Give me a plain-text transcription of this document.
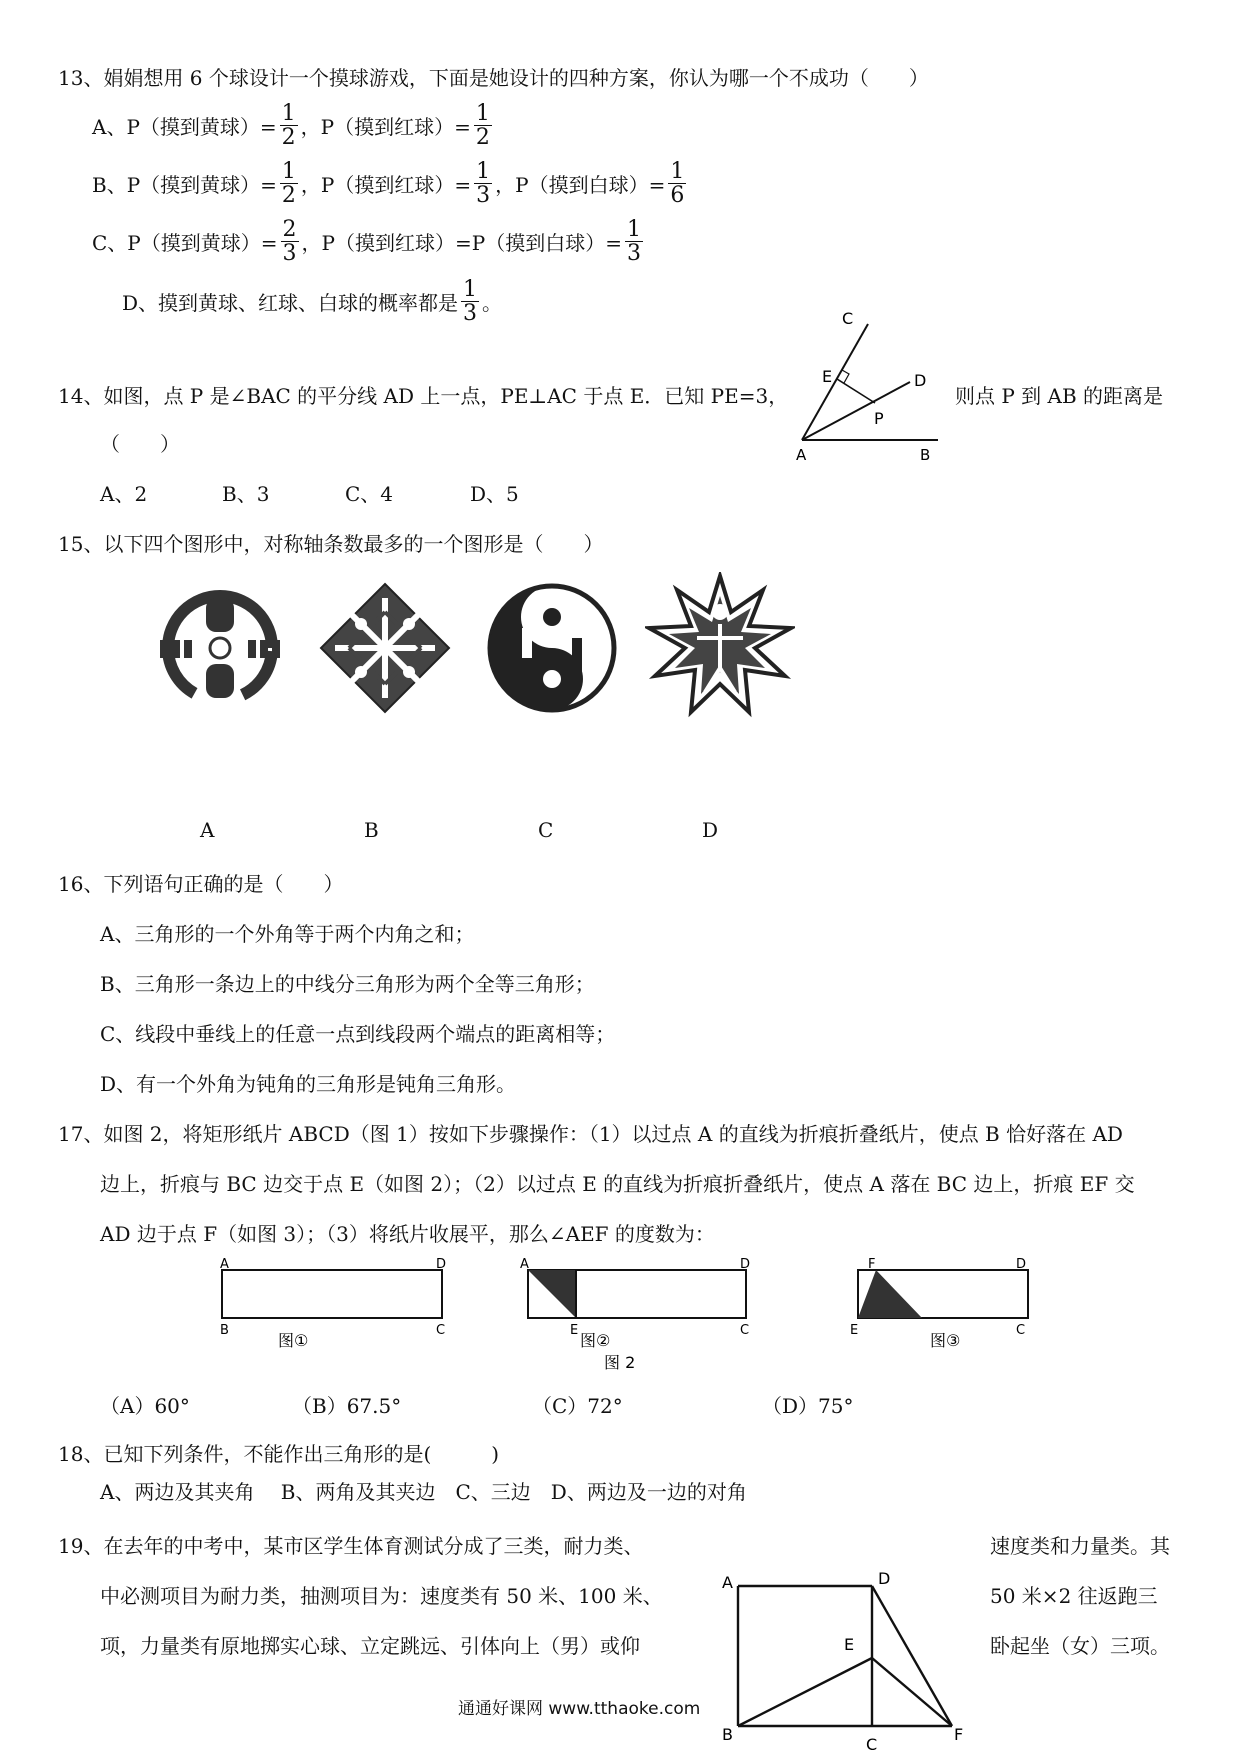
13、娟娟想用 6 个球设计一个摸球游戏，下面是她设计的四种方案，你认为哪一个不成功（　　）
A、P（摸到黄球）= $\frac{1}{2}$ ，P（摸到红球）= $\frac{1}{2}$
B、P（摸到黄球）= $\frac{1}{2}$ ，P（摸到红球）= $\frac{1}{3}$ ，P（摸到白球）= $\frac{1}{6}$
C、P（摸到黄球）= $\frac{2}{3}$ ，P（摸到红球）=P（摸到白球）= $\frac{1}{3}$
D、摸到黄球、红球、白球的概率都是 $\frac{1}{3}$ 。
14、如图，点 P 是∠BAC 的平分线 AD 上一点，PE⊥AC 于点 E．已知 PE=3，	则点 P 到 AB 的距离是
（　　）
C
E	D
P
A	B
A、2	B、3	C、4	D、5
15、以下四个图形中，对称轴条数最多的一个图形是（　　）
A	B	C	D
16、下列语句正确的是（　　）
A、三角形的一个外角等于两个内角之和；
B、三角形一条边上的中线分三角形为两个全等三角形；
C、线段中垂线上的任意一点到线段两个端点的距离相等；
D、有一个外角为钝角的三角形是钝角三角形。
17、如图 2，将矩形纸片 ABCD（图 1）按如下步骤操作：（1）以过点 A 的直线为折痕折叠纸片，使点 B 恰好落在 AD
边上，折痕与 BC 边交于点 E（如图 2）；（2）以过点 E 的直线为折痕折叠纸片，使点 A 落在 BC 边上，折痕 EF 交
AD 边于点 F（如图 3）；（3）将纸片收展平，那么∠AEF 的度数为：
A	D
B	C
图①
A	D
E	C
图②
图 2
F	D
E	C
图③
（A）60°	（B）67.5°	（C）72°	（D）75°
18、已知下列条件，不能作出三角形的是(　　　)
A、两边及其夹角　 B、两角及其夹边　C、三边　D、两边及一边的对角
19、在去年的中考中，某市区学生体育测试分成了三类，耐力类、	速度类和力量类。其
中必测项目为耐力类，抽测项目为：速度类有 50 米、100 米、	50 米×2 往返跑三
项，力量类有原地掷实心球、立定跳远、引体向上（男）或仰	卧起坐（女）三项。
A	D
E
B
C
F
通通好课网 www.tthaoke.com
